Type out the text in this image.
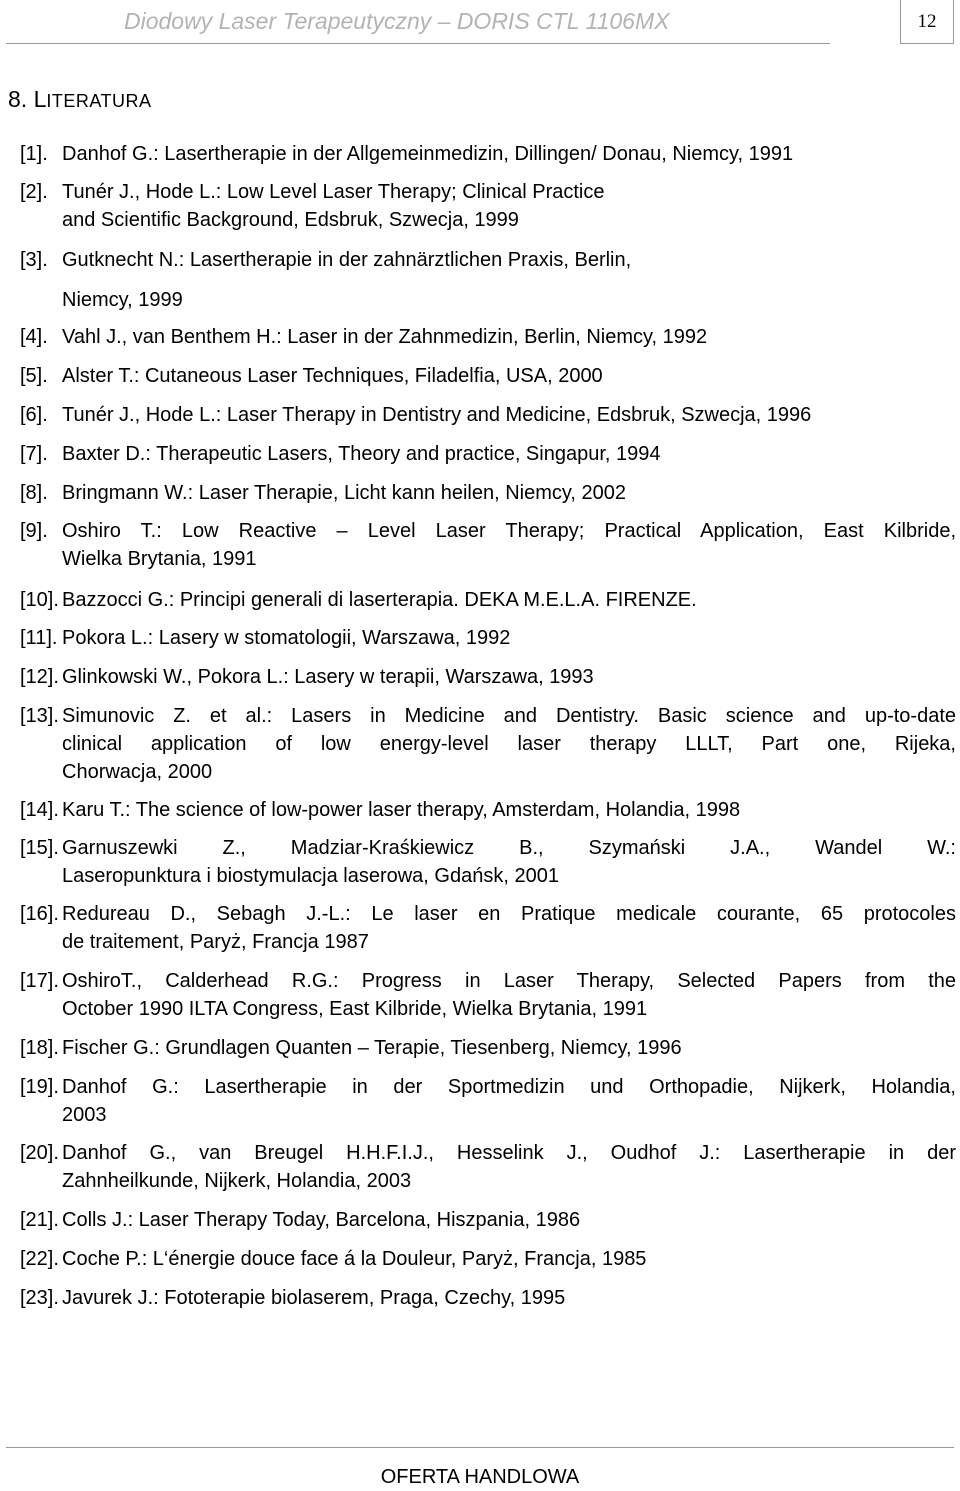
Diodowy Laser Terapeutyczny – DORIS CTL 1106MX	12
8. LITERATURA
[1]. Danhof G.: Lasertherapie in der Allgemeinmedizin, Dillingen/ Donau, Niemcy, 1991
[2]. Tunér J., Hode L.: Low Level Laser Therapy; Clinical Practice
and Scientific Background, Edsbruk, Szwecja, 1999
[3]. Gutknecht N.: Lasertherapie in der zahnärztlichen Praxis, Berlin,
Niemcy, 1999
[4]. Vahl J., van Benthem H.: Laser in der Zahnmedizin, Berlin, Niemcy, 1992
[5]. Alster T.: Cutaneous Laser Techniques, Filadelfia, USA, 2000
[6]. Tunér J., Hode L.: Laser Therapy in Dentistry and Medicine, Edsbruk, Szwecja, 1996
[7]. Baxter D.: Therapeutic Lasers, Theory and practice, Singapur, 1994
[8]. Bringmann W.: Laser Therapie, Licht kann heilen, Niemcy, 2002
[9]. Oshiro T.: Low Reactive – Level Laser Therapy; Practical Application, East Kilbride,
Wielka Brytania, 1991
[10]. Bazzocci G.: Principi generali di laserterapia. DEKA M.E.L.A. FIRENZE.
[11]. Pokora L.: Lasery w stomatologii, Warszawa, 1992
[12]. Glinkowski W., Pokora L.: Lasery w terapii, Warszawa, 1993
[13]. Simunovic Z. et al.: Lasers in Medicine and Dentistry. Basic science and up-to-date
clinical application of low energy-level laser therapy LLLT, Part one, Rijeka,
Chorwacja, 2000
[14]. Karu T.: The science of low-power laser therapy, Amsterdam, Holandia, 1998
[15]. Garnuszewki Z., Madziar-Kraśkiewicz B., Szymański J.A., Wandel W.:
Laseropunktura i biostymulacja laserowa, Gdańsk, 2001
[16]. Redureau D., Sebagh J.-L.: Le laser en Pratique medicale courante, 65 protocoles
de traitement, Paryż, Francja 1987
[17]. OshiroT., Calderhead R.G.: Progress in Laser Therapy, Selected Papers from the
October 1990 ILTA Congress, East Kilbride, Wielka Brytania, 1991
[18]. Fischer G.: Grundlagen Quanten – Terapie, Tiesenberg, Niemcy, 1996
[19]. Danhof G.: Lasertherapie in der Sportmedizin und Orthopadie, Nijkerk, Holandia,
2003
[20]. Danhof G., van Breugel H.H.F.I.J., Hesselink J., Oudhof J.: Lasertherapie in der
Zahnheilkunde, Nijkerk, Holandia, 2003
[21]. Colls J.: Laser Therapy Today, Barcelona, Hiszpania, 1986
[22]. Coche P.: L‘énergie douce face á la Douleur, Paryż, Francja, 1985
[23]. Javurek J.: Fototerapie biolaserem, Praga, Czechy, 1995
OFERTA HANDLOWA
